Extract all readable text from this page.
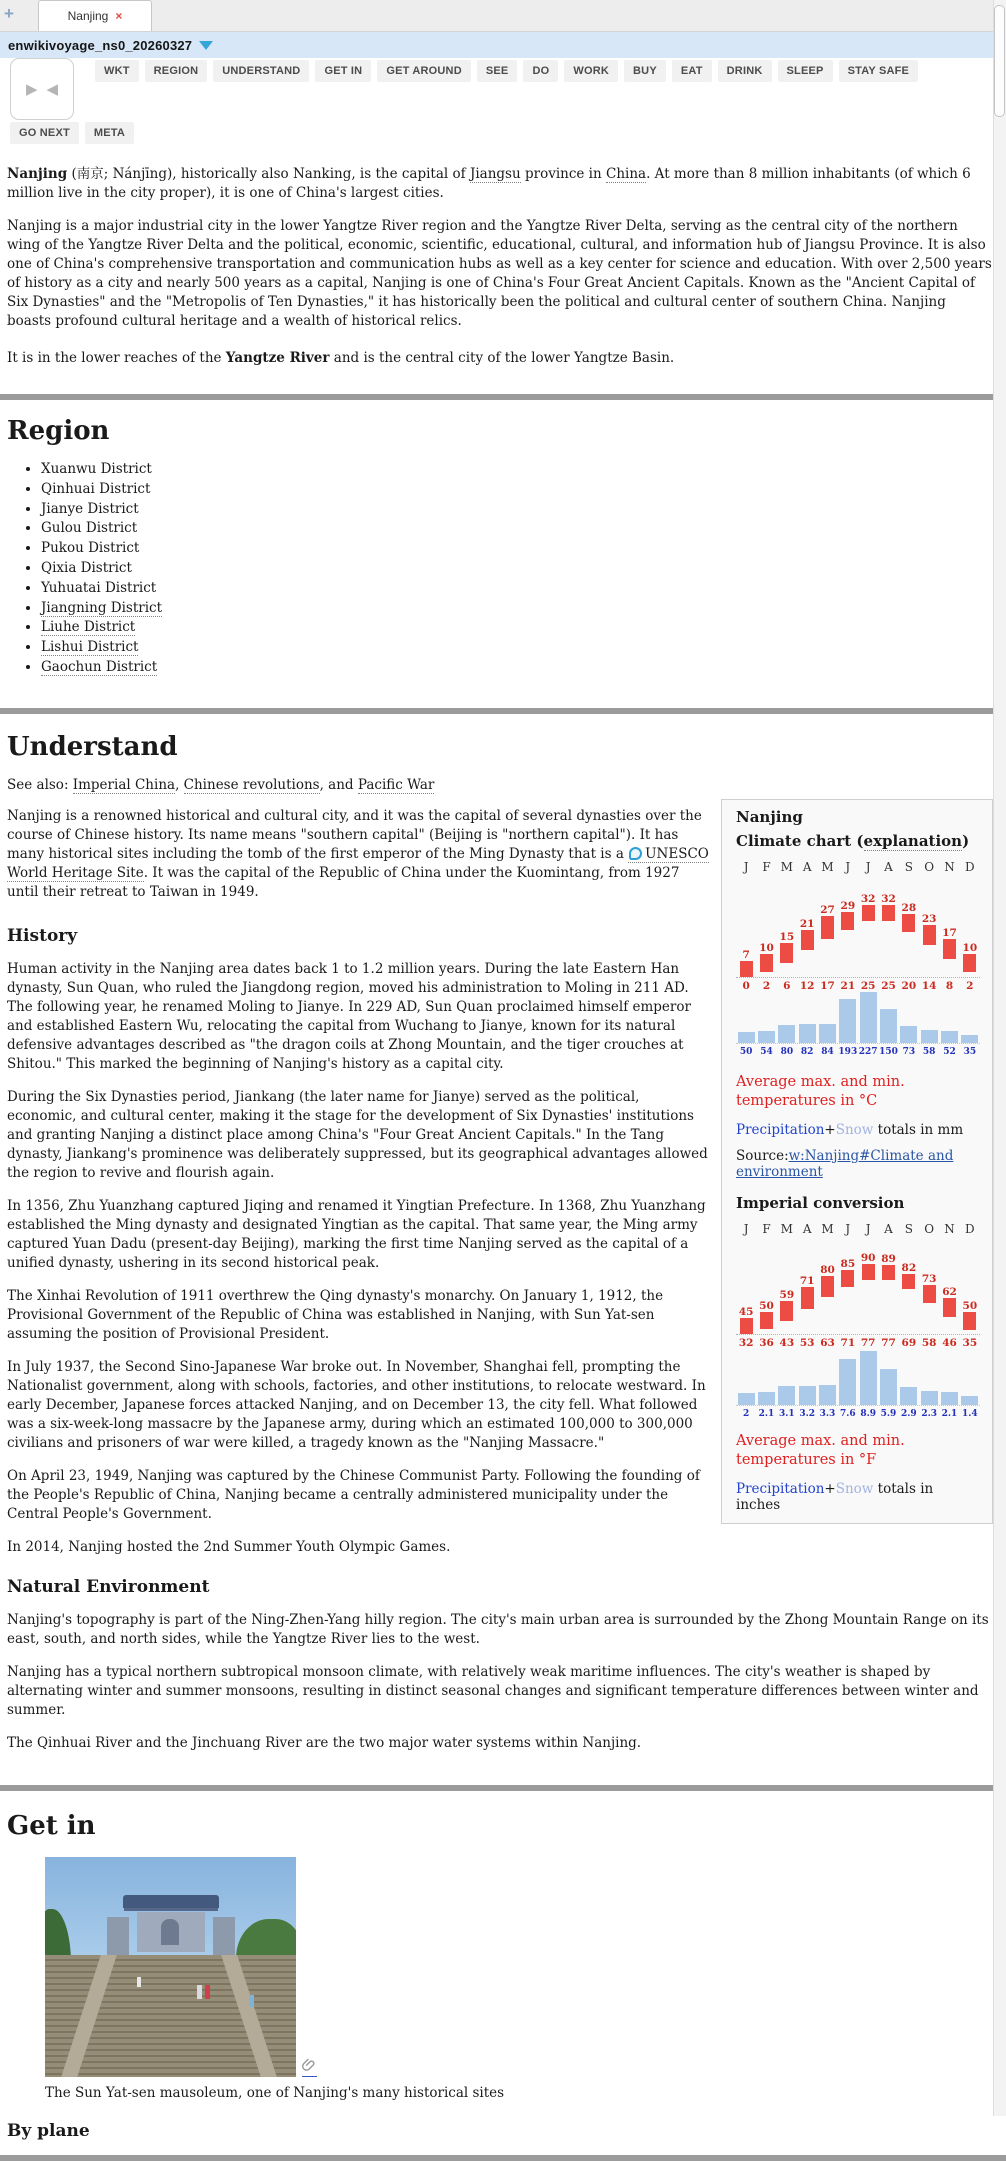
+	Nanjing ×
enwikivoyage_ns0_20260327
▶ ◀
WKT REGION UNDERSTAND GET IN GET AROUND SEE DO WORK BUY EAT DRINK SLEEP STAY SAFE
GO NEXT META

Nanjing (南京; Nánjīng), historically also Nanking, is the capital of Jiangsu province in China. At more than 8 million inhabitants (of which 6 million live in the city proper), it is one of China's largest cities.

Nanjing is a major industrial city in the lower Yangtze River region and the Yangtze River Delta, serving as the central city of the northern wing of the Yangtze River Delta and the political, economic, scientific, educational, cultural, and information hub of Jiangsu Province. It is also one of China's comprehensive transportation and communication hubs as well as a key center for science and education. With over 2,500 years of history as a city and nearly 500 years as a capital, Nanjing is one of China's Four Great Ancient Capitals. Known as the "Ancient Capital of Six Dynasties" and the "Metropolis of Ten Dynasties," it has historically been the political and cultural center of southern China. Nanjing boasts profound cultural heritage and a wealth of historical relics.

It is in the lower reaches of the Yangtze River and is the central city of the lower Yangtze Basin.

Region
• Xuanwu District
• Qinhuai District
• Jianye District
• Gulou District
• Pukou District
• Qixia District
• Yuhuatai District
• Jiangning District
• Liuhe District
• Lishui District
• Gaochun District
Understand

See also: Imperial China, Chinese revolutions, and Pacific War

Nanjing
Climate chart (explanation)
J
7
0
50
F
10
2
54
M
15
6
80
A
21
12
82
M
27
17
84
J
29
21
193
J
32
25
227
A
32
25
150
S
28
20
73
O
23
14
58
N
17
8
52
D
10
2
35
Average max. and min. temperatures in °C
Precipitation+Snow totals in mm
Source:w:Nanjing#Climate and environment
Imperial conversion
J
45
32
2
F
50
36
2.1
M
59
43
3.1
A
71
53
3.2
M
80
63
3.3
J
85
71
7.6
J
90
77
8.9
A
89
77
5.9
S
82
69
2.9
O
73
58
2.3
N
62
46
2.1
D
50
35
1.4
Average max. and min. temperatures in °F
Precipitation+Snow totals in inches

Nanjing is a renowned historical and cultural city, and it was the capital of several dynasties over the course of Chinese history. Its name means "southern capital" (Beijing is "northern capital"). It has many historical sites including the tomb of the first emperor of the Ming Dynasty that is a UNESCO World Heritage Site. It was the capital of the Republic of China under the Kuomintang, from 1927 until their retreat to Taiwan in 1949.

History

Human activity in the Nanjing area dates back 1 to 1.2 million years. During the late Eastern Han dynasty, Sun Quan, who ruled the Jiangdong region, moved his administration to Moling in 211 AD. The following year, he renamed Moling to Jianye. In 229 AD, Sun Quan proclaimed himself emperor and established Eastern Wu, relocating the capital from Wuchang to Jianye, known for its natural defensive advantages described as "the dragon coils at Zhong Mountain, and the tiger crouches at Shitou." This marked the beginning of Nanjing's history as a capital city.

During the Six Dynasties period, Jiankang (the later name for Jianye) served as the political, economic, and cultural center, making it the stage for the development of Six Dynasties' institutions and granting Nanjing a distinct place among China's "Four Great Ancient Capitals." In the Tang dynasty, Jiankang's prominence was deliberately suppressed, but its geographical advantages allowed the region to revive and flourish again.

In 1356, Zhu Yuanzhang captured Jiqing and renamed it Yingtian Prefecture. In 1368, Zhu Yuanzhang established the Ming dynasty and designated Yingtian as the capital. That same year, the Ming army captured Yuan Dadu (present-day Beijing), marking the first time Nanjing served as the capital of a unified dynasty, ushering in its second historical peak.

The Xinhai Revolution of 1911 overthrew the Qing dynasty's monarchy. On January 1, 1912, the Provisional Government of the Republic of China was established in Nanjing, with Sun Yat-sen assuming the position of Provisional President.

In July 1937, the Second Sino-Japanese War broke out. In November, Shanghai fell, prompting the Nationalist government, along with schools, factories, and other institutions, to relocate westward. In early December, Japanese forces attacked Nanjing, and on December 13, the city fell. What followed was a six-week-long massacre by the Japanese army, during which an estimated 100,000 to 300,000 civilians and prisoners of war were killed, a tragedy known as the "Nanjing Massacre."

On April 23, 1949, Nanjing was captured by the Chinese Communist Party. Following the founding of the People's Republic of China, Nanjing became a centrally administered municipality under the Central People's Government.

In 2014, Nanjing hosted the 2nd Summer Youth Olympic Games.

Natural Environment

Nanjing's topography is part of the Ning-Zhen-Yang hilly region. The city's main urban area is surrounded by the Zhong Mountain Range on its east, south, and north sides, while the Yangtze River lies to the west.

Nanjing has a typical northern subtropical monsoon climate, with relatively weak maritime influences. The city's weather is shaped by alternating winter and summer monsoons, resulting in distinct seasonal changes and significant temperature differences between winter and summer.

The Qinhuai River and the Jinchuang River are the two major water systems within Nanjing.

Get in
The Sun Yat-sen mausoleum, one of Nanjing's many historical sites
By plane
